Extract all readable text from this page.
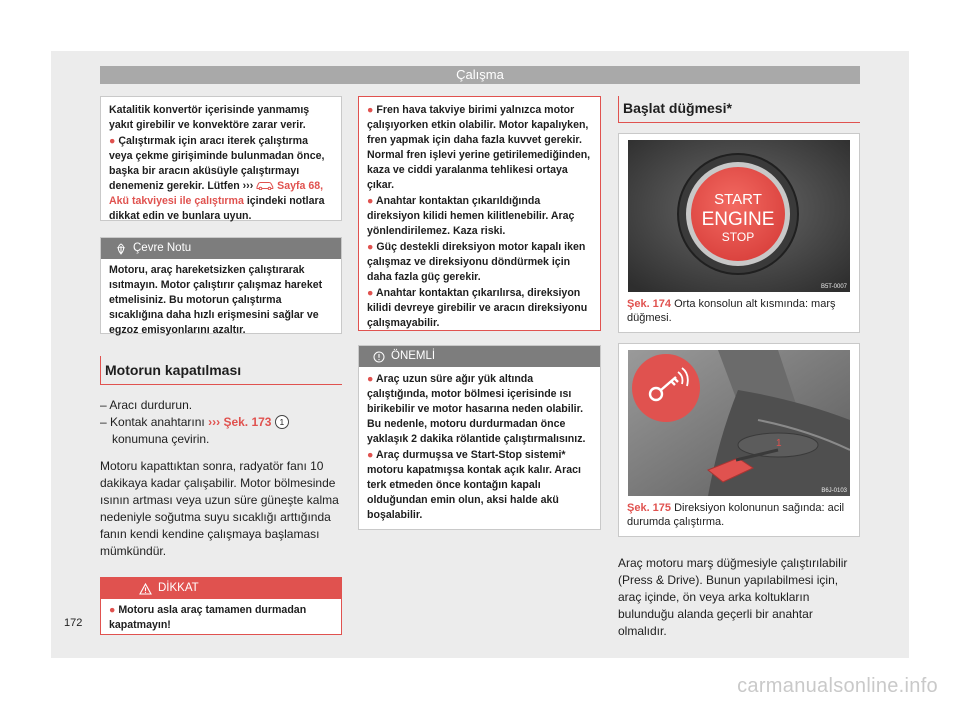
Çalışma

Katalitik konvertör içerisinde yanmamış yakıt girebilir ve konvektöre zarar verir.

● Çalıştırmak için aracı iterek çalıştırma veya çekme girişiminde bulunmadan önce, başka bir aracın aküsüyle çalıştırmayı denemeniz gerekir. Lütfen ››› Sayfa 68, Akü takviyesi ile çalıştırma içindeki notlara dikkat edin ve bunlara uyun.

Çevre Notu

Motoru, araç hareketsizken çalıştırarak ısıtmayın. Motor çalıştırır çalışmaz hareket etmelisiniz. Bu motorun çalıştırma sıcaklığına daha hızlı erişmesini sağlar ve egzoz emisyonlarını azaltır.

Motorun kapatılması

– Aracı durdurun.

– Kontak anahtarını ››› Şek. 173 1 konumuna çevirin.

Motoru kapattıktan sonra, radyatör fanı 10 dakikaya kadar çalışabilir. Motor bölmesinde ısının artması veya uzun süre güneşte kalma nedeniyle soğutma suyu sıcaklığı arttığında fanın kendi kendine çalışmaya başlaması mümkündür.

DİKKAT

● Motoru asla araç tamamen durmadan kapatmayın!

● Fren hava takviye birimi yalnızca motor çalışıyorken etkin olabilir. Motor kapalıyken, fren yapmak için daha fazla kuvvet gerekir. Normal fren işlevi yerine getirilemediğinden, kaza ve ciddi yaralanma tehlikesi ortaya çıkar.

● Anahtar kontaktan çıkarıldığında direksiyon kilidi hemen kilitlenebilir. Araç yönlendirilemez. Kaza riski.

● Güç destekli direksiyon motor kapalı iken çalışmaz ve direksiyonu döndürmek için daha fazla güç gerekir.

● Anahtar kontaktan çıkarılırsa, direksiyon kilidi devreye girebilir ve aracın direksiyonu çalışmayabilir.

ÖNEMLİ

● Araç uzun süre ağır yük altında çalıştığında, motor bölmesi içerisinde ısı birikebilir ve motor hasarına neden olabilir. Bu nedenle, motoru durdurmadan önce yaklaşık 2 dakika rölantide çalıştırmalısınız.

● Araç durmuşsa ve Start-Stop sistemi* motoru kapatmışsa kontak açık kalır. Aracı terk etmeden önce kontağın kapalı olduğundan emin olun, aksi halde akü boşalabilir.

Başlat düğmesi*
START
ENGINE
STOP
B5T-0007
Şek. 174 Orta konsolun alt kısmında: marş düğmesi.
1
B6J-0103
Şek. 175 Direksiyon kolonunun sağında: acil durumda çalıştırma.

Araç motoru marş düğmesiyle çalıştırılabilir (Press & Drive). Bunun yapılabilmesi için, araç içinde, ön veya arka koltukların bulunduğu alanda geçerli bir anahtar olmalıdır.

172
carmanualsonline.info
